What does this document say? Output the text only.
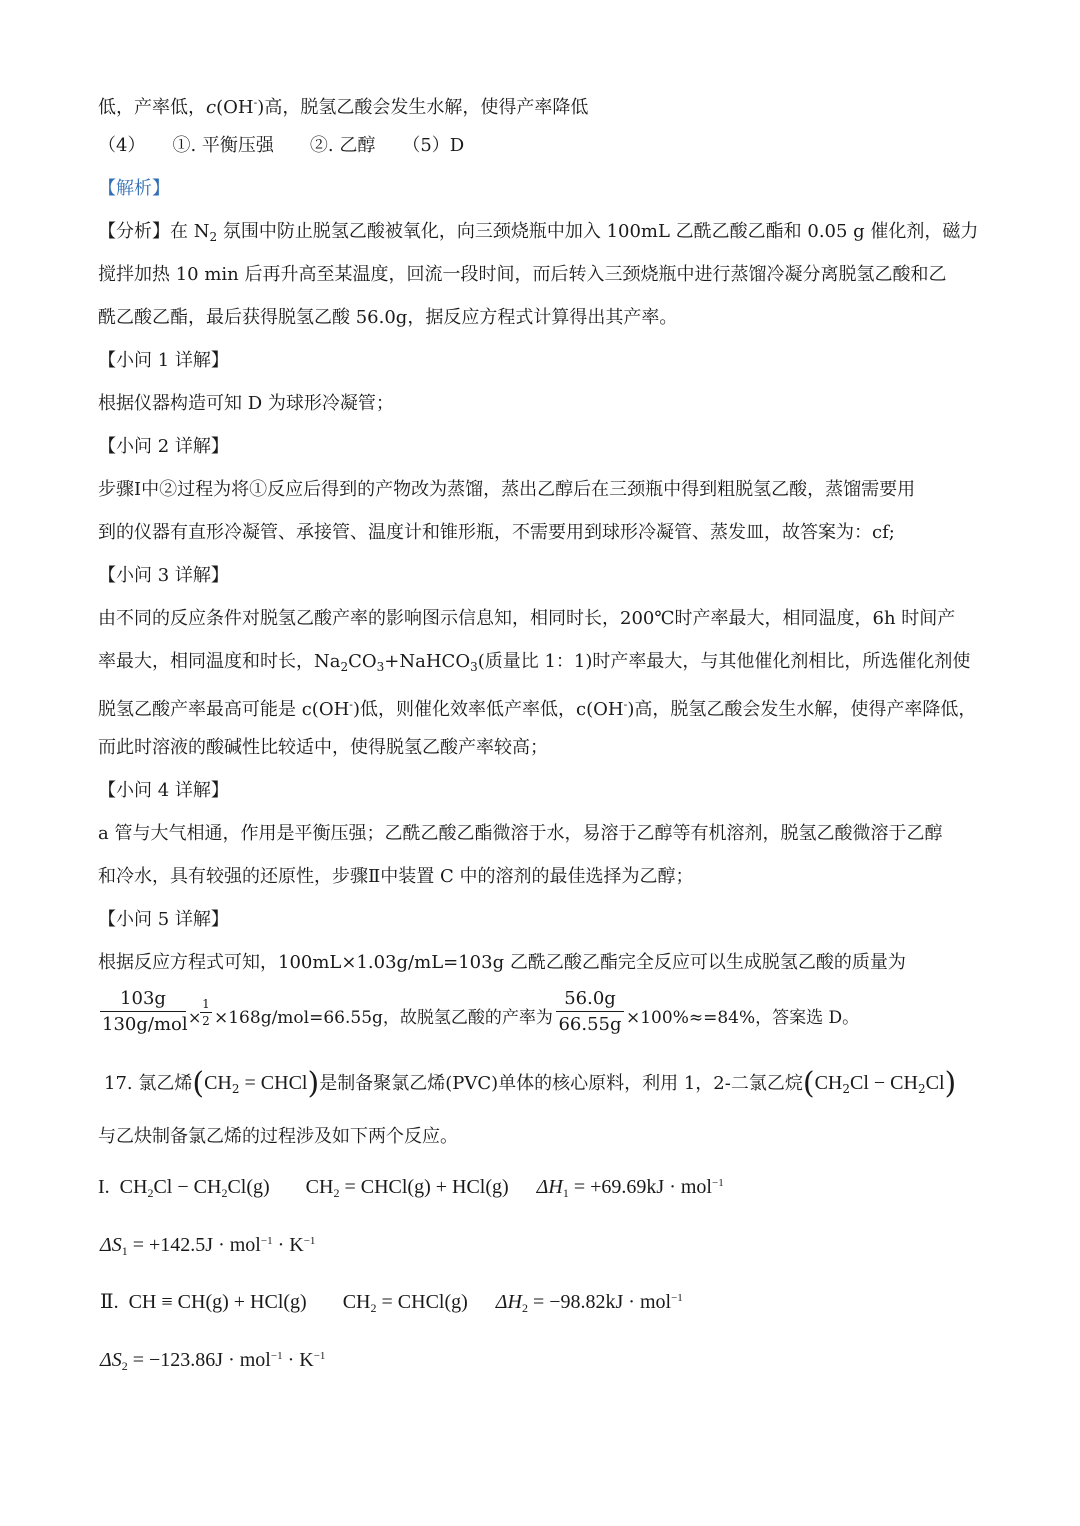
低，产率低，c(OH-)高，脱氢乙酸会发生水解，使得产率降低
（4）　　①. 平衡压强　　②. 乙醇　　（5）D
【解析】
【分析】在 $N_2$ 氛围中防止脱氢乙酸被氧化，向三颈烧瓶中加入 100mL 乙酰乙酸乙酯和 0.05 g 催化剂，磁力
搅拌加热 10 min 后再升高至某温度，回流一段时间，而后转入三颈烧瓶中进行蒸馏冷凝分离脱氢乙酸和乙
酰乙酸乙酯，最后获得脱氢乙酸 56.0g，据反应方程式计算得出其产率。
【小问 1 详解】
根据仪器构造可知 D 为球形冷凝管；
【小问 2 详解】
步骤Ⅰ中②过程为将①反应后得到的产物改为蒸馏，蒸出乙醇后在三颈瓶中得到粗脱氢乙酸，蒸馏需要用
到的仪器有直形冷凝管、承接管、温度计和锥形瓶，不需要用到球形冷凝管、蒸发皿，故答案为：cf;
【小问 3 详解】
由不同的反应条件对脱氢乙酸产率的影响图示信息知，相同时长，200℃时产率最大，相同温度，6h 时间产
率最大，相同温度和时长，$Na_2CO_3+NaHCO_3$(质量比 1：1)时产率最大，与其他催化剂相比，所选催化剂使
脱氢乙酸产率最高可能是 c(OH-)低，则催化效率低产率低，c(OH-)高，脱氢乙酸会发生水解，使得产率降低，
而此时溶液的酸碱性比较适中，使得脱氢乙酸产率较高；
【小问 4 详解】
a 管与大气相通，作用是平衡压强；乙酰乙酸乙酯微溶于水，易溶于乙醇等有机溶剂，脱氢乙酸微溶于乙醇
和冷水，具有较强的还原性，步骤Ⅱ中装置 C 中的溶剂的最佳选择为乙醇；
【小问 5 详解】
根据反应方程式可知，100mL×1.03g/mL=103g 乙酰乙酸乙酯完全反应可以生成脱氢乙酸的质量为
103g
130g/mol ×
1
2 ×168g/mol=66.55g，故脱氢乙酸的产率为
56.0g
66.55g ×100%≈=84%，答案选 D。
17. 氯乙烯($CH_2$ = CHCl)是制备聚氯乙烯(PVC)单体的核心原料，利用 1，2-二氯乙烷$(CH_2Cl - CH_2Cl)$
与乙炔制备氯乙烯的过程涉及如下两个反应。
I. $CH_2Cl - CH_2Cl(g) CH_2$ = CHCl(g) + HCl(g) $\Delta H_1 = +69.69kJ \cdot mol^{-1}$
$\Delta S_1 = +142.5J \cdot mol^{-1} \cdot K^{-1}$
Ⅱ. CH ≡ CH(g) + HCl(g) $CH_2$ = CHCl(g) $\Delta H_2 = -98.82kJ \cdot mol^{-1}$
$\Delta S_2 = -123.86J \cdot mol^{-1} \cdot K^{-1}$
